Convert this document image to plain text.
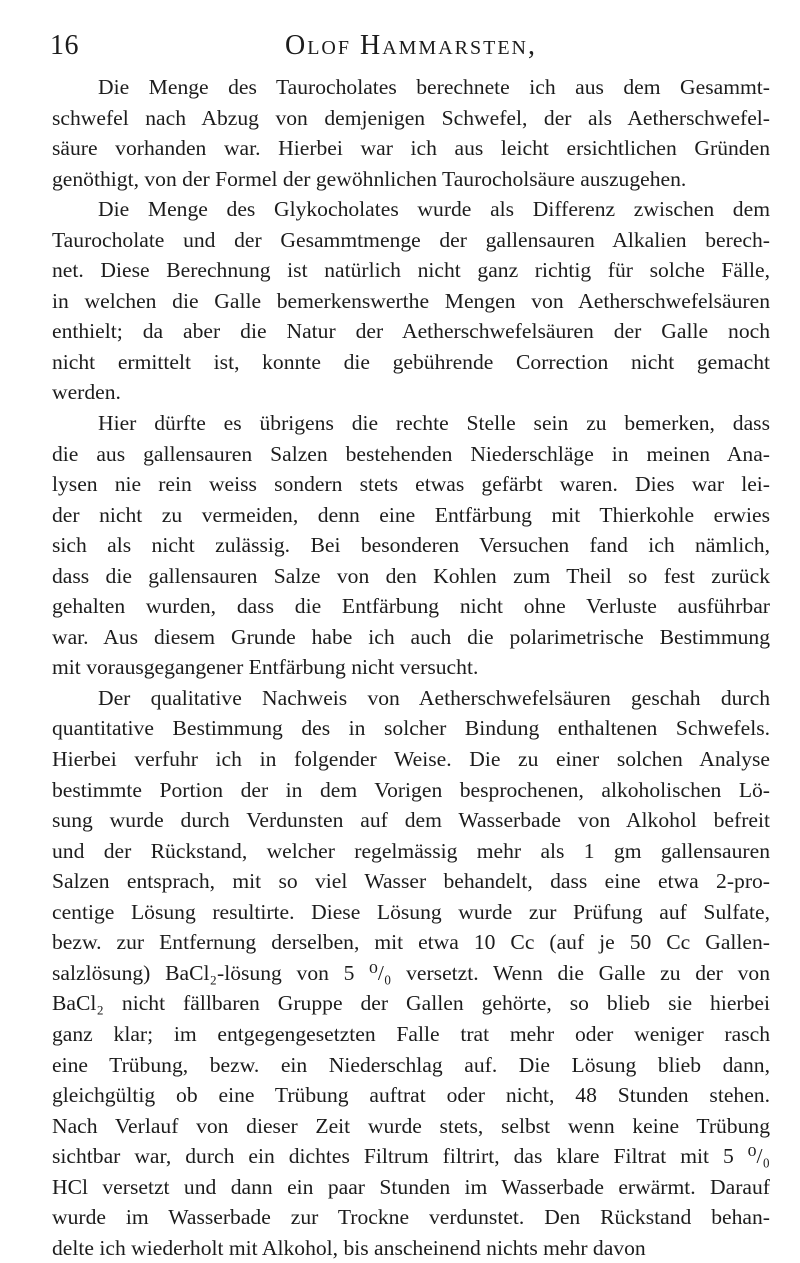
16	Olof Hammarsten,
Die Menge des Taurocholates berechnete ich aus dem Gesammt-
schwefel nach Abzug von demjenigen Schwefel, der als Aetherschwefel-
säure vorhanden war. Hierbei war ich aus leicht ersichtlichen Gründen
genöthigt, von der Formel der gewöhnlichen Taurocholsäure auszugehen.
Die Menge des Glykocholates wurde als Differenz zwischen dem
Taurocholate und der Gesammtmenge der gallensauren Alkalien berech-
net. Diese Berechnung ist natürlich nicht ganz richtig für solche Fälle,
in welchen die Galle bemerkenswerthe Mengen von Aetherschwefelsäuren
enthielt; da aber die Natur der Aetherschwefelsäuren der Galle noch
nicht ermittelt ist, konnte die gebührende Correction nicht gemacht
werden.
Hier dürfte es übrigens die rechte Stelle sein zu bemerken, dass
die aus gallensauren Salzen bestehenden Niederschläge in meinen Ana-
lysen nie rein weiss sondern stets etwas gefärbt waren. Dies war lei-
der nicht zu vermeiden, denn eine Entfärbung mit Thierkohle erwies
sich als nicht zulässig. Bei besonderen Versuchen fand ich nämlich,
dass die gallensauren Salze von den Kohlen zum Theil so fest zurück
gehalten wurden, dass die Entfärbung nicht ohne Verluste ausführbar
war. Aus diesem Grunde habe ich auch die polarimetrische Bestimmung
mit vorausgegangener Entfärbung nicht versucht.
Der qualitative Nachweis von Aetherschwefelsäuren geschah durch
quantitative Bestimmung des in solcher Bindung enthaltenen Schwefels.
Hierbei verfuhr ich in folgender Weise. Die zu einer solchen Analyse
bestimmte Portion der in dem Vorigen besprochenen, alkoholischen Lö-
sung wurde durch Verdunsten auf dem Wasserbade von Alkohol befreit
und der Rückstand, welcher regelmässig mehr als 1 gm gallensauren
Salzen entsprach, mit so viel Wasser behandelt, dass eine etwa 2-pro-
centige Lösung resultirte. Diese Lösung wurde zur Prüfung auf Sulfate,
bezw. zur Entfernung derselben, mit etwa 10 Cc (auf je 50 Cc Gallen-
salzlösung) BaCl₂-lösung von 5 ⁰/₀ versetzt. Wenn die Galle zu der von
BaCl₂ nicht fällbaren Gruppe der Gallen gehörte, so blieb sie hierbei
ganz klar; im entgegengesetzten Falle trat mehr oder weniger rasch
eine Trübung, bezw. ein Niederschlag auf. Die Lösung blieb dann,
gleichgültig ob eine Trübung auftrat oder nicht, 48 Stunden stehen.
Nach Verlauf von dieser Zeit wurde stets, selbst wenn keine Trübung
sichtbar war, durch ein dichtes Filtrum filtrirt, das klare Filtrat mit 5 ⁰/₀
HCl versetzt und dann ein paar Stunden im Wasserbade erwärmt. Darauf
wurde im Wasserbade zur Trockne verdunstet. Den Rückstand behan-
delte ich wiederholt mit Alkohol, bis anscheinend nichts mehr davon
